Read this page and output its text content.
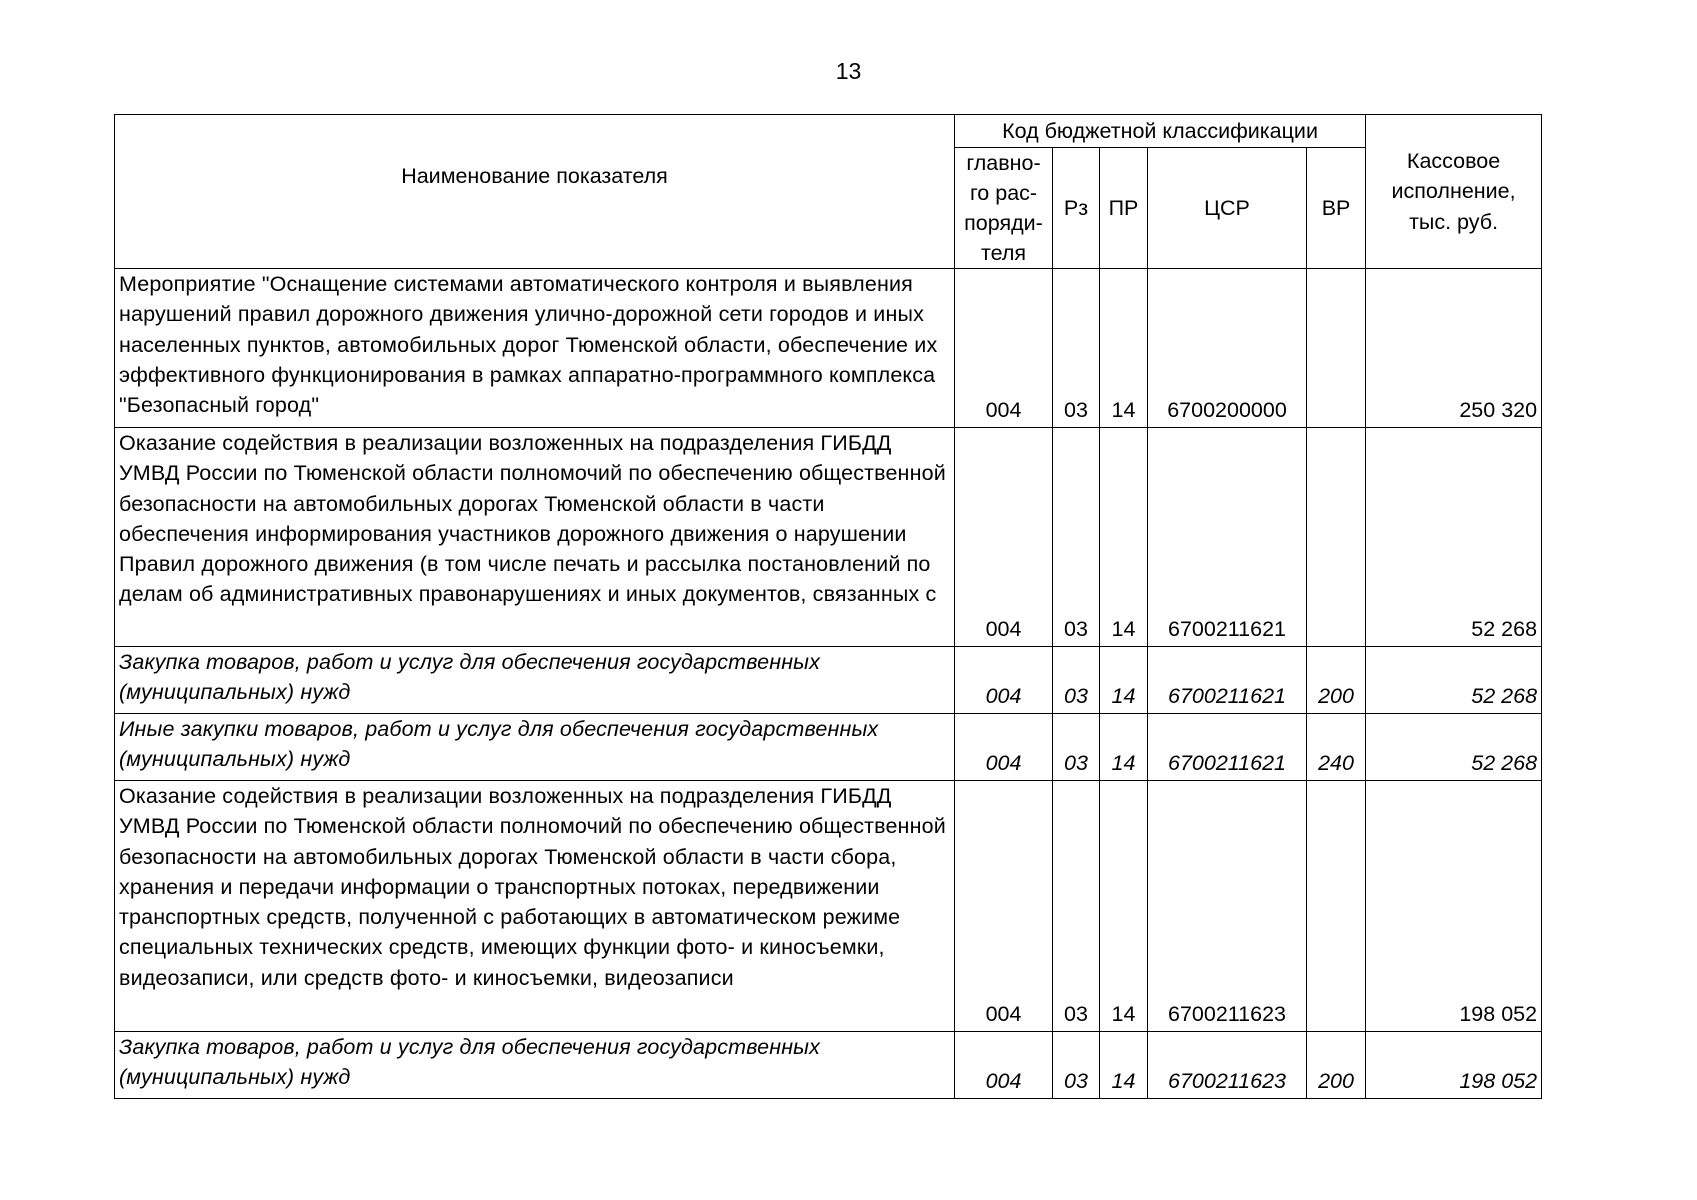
13
Наименование показателя	Код бюджетной классификации					Кассовое
исполнение,
тыс. руб.
	главно-
го рас-
поряди-
теля	Рз	ПР	ЦСР	ВР	
Мероприятие "Оснащение системами автоматического контроля и выявления нарушений правил дорожного движения улично-дорожной сети городов и иных населенных пунктов, автомобильных дорог Тюменской области, обеспечение их эффективного функционирования в рамках аппаратно-программного комплекса "Безопасный город"	004	03	14	6700200000		250 320
Оказание содействия в реализации возложенных на подразделения ГИБДД УМВД России по Тюменской области полномочий по обеспечению общественной безопасности на автомобильных дорогах Тюменской области в части обеспечения информирования участников дорожного движения о нарушении Правил дорожного движения (в том числе печать и рассылка постановлений по делам об административных правонарушениях и иных документов, связанных с	004	03	14	6700211621		52 268
Закупка товаров, работ и услуг для обеспечения государственных (муниципальных) нужд	004	03	14	6700211621	200	52 268
Иные закупки товаров, работ и услуг для обеспечения государственных (муниципальных) нужд	004	03	14	6700211621	240	52 268
Оказание содействия в реализации возложенных на подразделения ГИБДД УМВД России по Тюменской области полномочий по обеспечению общественной безопасности на автомобильных дорогах Тюменской области в части сбора, хранения и передачи информации о транспортных потоках, передвижении транспортных средств, полученной с работающих в автоматическом режиме специальных технических средств, имеющих функции фото- и киносъемки, видеозаписи, или средств фото- и киносъемки, видеозаписи	004	03	14	6700211623		198 052
Закупка товаров, работ и услуг для обеспечения государственных (муниципальных) нужд	004	03	14	6700211623	200	198 052
